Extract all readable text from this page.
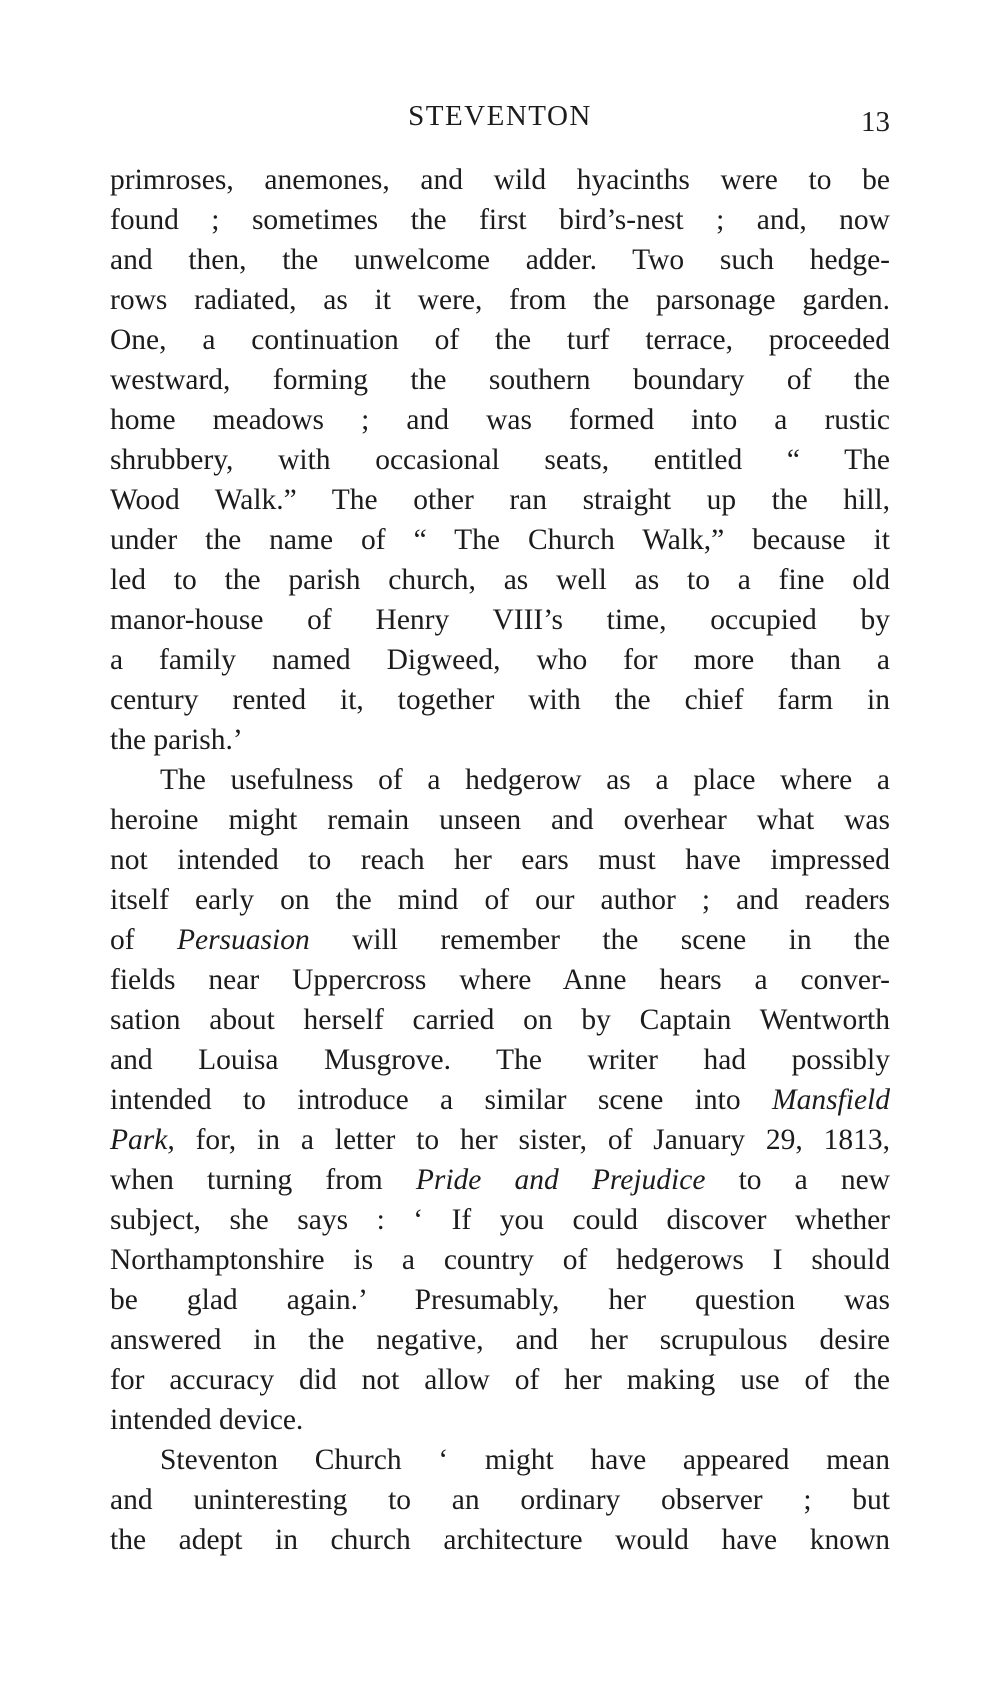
STEVENTON	13
primroses, anemones, and wild hyacinths were to be
found ; sometimes the first bird’s-nest ; and, now
and then, the unwelcome adder. Two such hedge-
rows radiated, as it were, from the parsonage garden.
One, a continuation of the turf terrace, proceeded
westward, forming the southern boundary of the
home meadows ; and was formed into a rustic
shrubbery, with occasional seats, entitled “ The
Wood Walk.” The other ran straight up the hill,
under the name of “ The Church Walk,” because it
led to the parish church, as well as to a fine old
manor-house of Henry VIII’s time, occupied by
a family named Digweed, who for more than a
century rented it, together with the chief farm in
the parish.’
The usefulness of a hedgerow as a place where a
heroine might remain unseen and overhear what was
not intended to reach her ears must have impressed
itself early on the mind of our author ; and readers
of Persuasion will remember the scene in the
fields near Uppercross where Anne hears a conver-
sation about herself carried on by Captain Wentworth
and Louisa Musgrove. The writer had possibly
intended to introduce a similar scene into Mansfield
Park, for, in a letter to her sister, of January 29, 1813,
when turning from Pride and Prejudice to a new
subject, she says : ‘ If you could discover whether
Northamptonshire is a country of hedgerows I should
be glad again.’ Presumably, her question was
answered in the negative, and her scrupulous desire
for accuracy did not allow of her making use of the
intended device.
Steventon Church ‘ might have appeared mean
and uninteresting to an ordinary observer ; but
the adept in church architecture would have known
